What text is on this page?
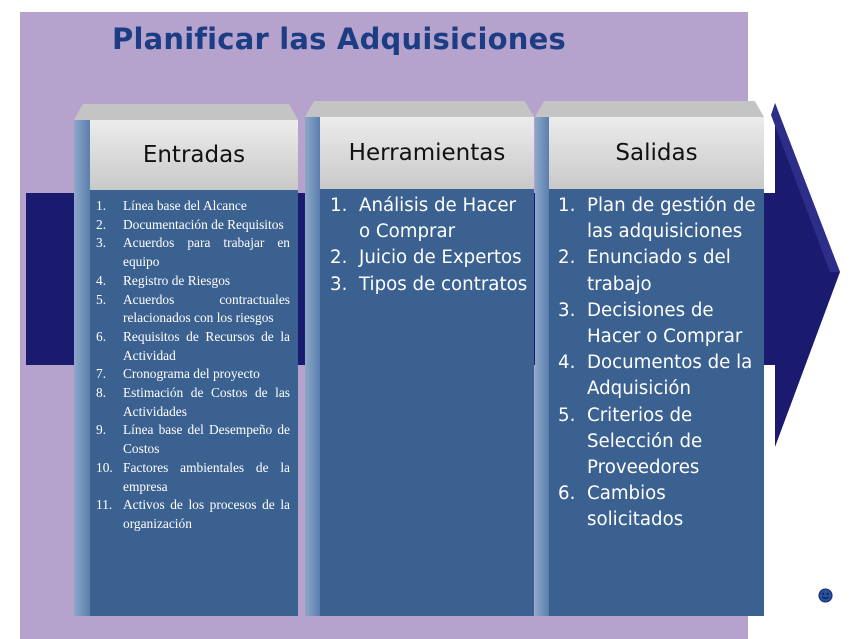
Planificar las Adquisiciones
Entradas
1. Línea base del Alcance
2. Documentación de Requisitos
3. Acuerdos para trabajar en equipo
4. Registro de Riesgos
5. Acuerdos contractuales relacionados con los riesgos
6. Requisitos de Recursos de la Actividad
7. Cronograma del proyecto
8. Estimación de Costos de las Actividades
9. Línea base del Desempeño de Costos
10. Factores ambientales de la empresa
11. Activos de los procesos de la organización
Herramientas
1. Análisis de Hacer o Comprar
2. Juicio de Expertos
3. Tipos de contratos
Salidas
1. Plan de gestión de las adquisiciones
2. Enunciado s del trabajo
3. Decisiones de Hacer o Comprar
4. Documentos de la Adquisición
5. Criterios de Selección de Proveedores
6. Cambios solicitados
